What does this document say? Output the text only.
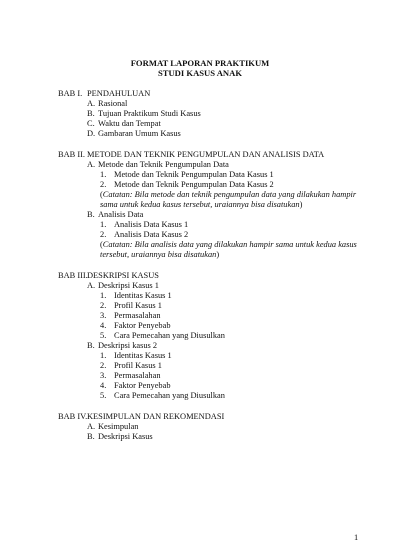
FORMAT LAPORAN PRAKTIKUM
STUDI KASUS ANAK
BAB I. PENDAHULUAN
A. Rasional
B. Tujuan Praktikum Studi Kasus
C. Waktu dan Tempat
D. Gambaran Umum Kasus
BAB II. METODE DAN TEKNIK PENGUMPULAN DAN ANALISIS DATA
A. Metode dan Teknik Pengumpulan Data
1. Metode dan Teknik Pengumpulan Data Kasus 1
2. Metode dan Teknik Pengumpulan Data Kasus 2
(Catatan: Bila metode dan teknik pengumpulan data yang dilakukan hampir
sama untuk kedua kasus tersebut, uraiannya bisa disatukan)
B. Analisis Data
1. Analisis Data Kasus 1
2. Analisis Data Kasus 2
(Catatan: Bila analisis data yang dilakukan hampir sama untuk kedua kasus
tersebut, uraiannya bisa disatukan)
BAB III.DESKRIPSI KASUS
A. Deskripsi Kasus 1
1. Identitas Kasus 1
2. Profil Kasus 1
3. Permasalahan
4. Faktor Penyebab
5. Cara Pemecahan yang Diusulkan
B. Deskripsi kasus 2
1. Identitas Kasus 1
2. Profil Kasus 1
3. Permasalahan
4. Faktor Penyebab
5. Cara Pemecahan yang Diusulkan
BAB IV.KESIMPULAN DAN REKOMENDASI
A. Kesimpulan
B. Deskripsi Kasus
1
